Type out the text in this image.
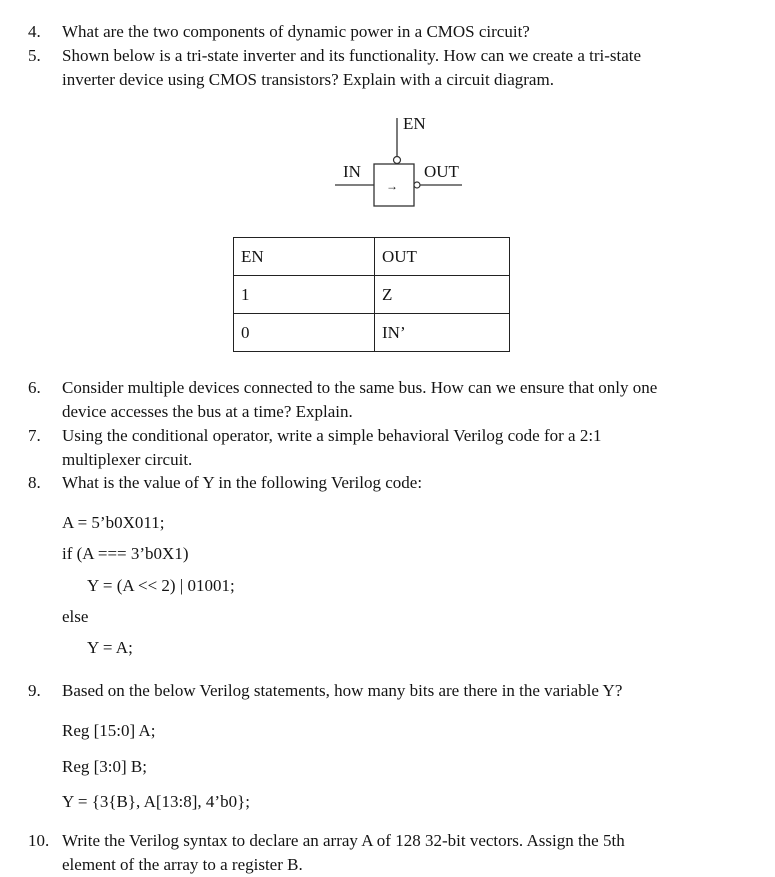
4.	What are the two components of dynamic power in a CMOS circuit?
5.	Shown below is a tri-state inverter and its functionality. How can we create a tri-state
inverter device using CMOS transistors? Explain with a circuit diagram.
EN
IN	OUT
→
EN	OUT
1	Z
0	IN’
6.	Consider multiple devices connected to the same bus. How can we ensure that only one
device accesses the bus at a time? Explain.
7.	Using the conditional operator, write a simple behavioral Verilog code for a 2:1
multiplexer circuit.
8.	What is the value of Y in the following Verilog code:
A = 5’b0X011;
if (A === 3’b0X1)
Y = (A << 2) | 01001;
else
Y = A;
9.	Based on the below Verilog statements, how many bits are there in the variable Y?
Reg [15:0] A;
Reg [3:0] B;
Y = {3{B}, A[13:8], 4’b0};
10. Write the Verilog syntax to declare an array A of 128 32-bit vectors. Assign the 5th
element of the array to a register B.
